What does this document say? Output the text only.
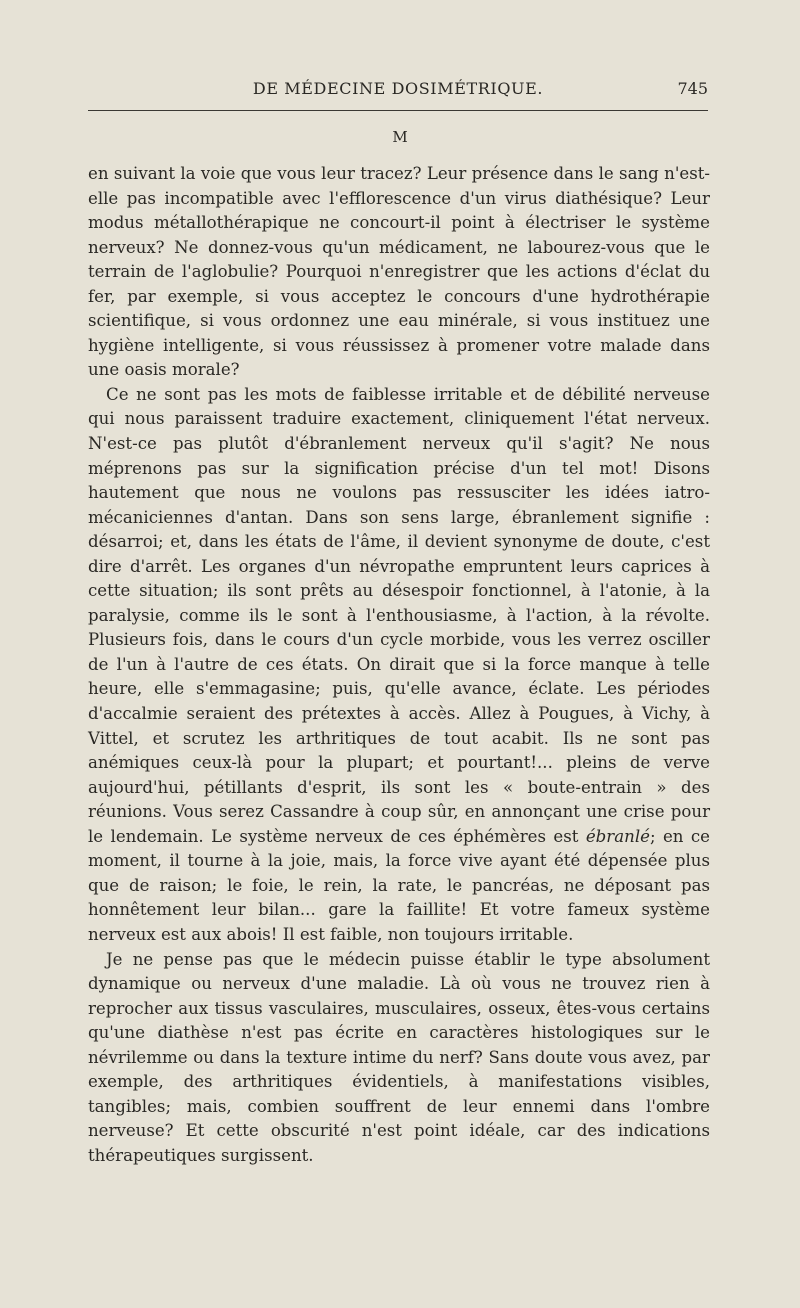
DE MÉDECINE DOSIMÉTRIQUE.	745
M

en suivant la voie que vous leur tracez? Leur présence dans le sang n'est-elle pas incompatible avec l'efflorescence d'un virus diathésique? Leur modus métallothérapique ne concourt-il point à électriser le système nerveux? Ne donnez-vous qu'un médicament, ne labourez-vous que le terrain de l'aglobulie? Pourquoi n'enregistrer que les actions d'éclat du fer, par exemple, si vous acceptez le concours d'une hydrothérapie scientifique, si vous ordonnez une eau minérale, si vous instituez une hygiène intelligente, si vous réussissez à promener votre malade dans une oasis morale?

Ce ne sont pas les mots de faiblesse irritable et de débilité nerveuse qui nous paraissent traduire exactement, cliniquement l'état nerveux. N'est-ce pas plutôt d'ébranlement nerveux qu'il s'agit? Ne nous méprenons pas sur la signification précise d'un tel mot! Disons hautement que nous ne voulons pas ressusciter les idées iatro-mécaniciennes d'antan. Dans son sens large, ébranlement signifie : désarroi; et, dans les états de l'âme, il devient synonyme de doute, c'est dire d'arrêt. Les organes d'un névropathe empruntent leurs caprices à cette situation; ils sont prêts au désespoir fonctionnel, à l'atonie, à la paralysie, comme ils le sont à l'enthousiasme, à l'action, à la révolte. Plusieurs fois, dans le cours d'un cycle morbide, vous les verrez osciller de l'un à l'autre de ces états. On dirait que si la force manque à telle heure, elle s'emmagasine; puis, qu'elle avance, éclate. Les périodes d'accalmie seraient des prétextes à accès. Allez à Pougues, à Vichy, à Vittel, et scrutez les arthritiques de tout acabit. Ils ne sont pas anémiques ceux-là pour la plupart; et pourtant!... pleins de verve aujourd'hui, pétillants d'esprit, ils sont les « boute-entrain » des réunions. Vous serez Cassandre à coup sûr, en annonçant une crise pour le lendemain. Le système nerveux de ces éphémères est ébranlé; en ce moment, il tourne à la joie, mais, la force vive ayant été dépensée plus que de raison; le foie, le rein, la rate, le pancréas, ne déposant pas honnêtement leur bilan... gare la faillite! Et votre fameux système nerveux est aux abois! Il est faible, non toujours irritable.

Je ne pense pas que le médecin puisse établir le type absolument dynamique ou nerveux d'une maladie. Là où vous ne trouvez rien à reprocher aux tissus vasculaires, musculaires, osseux, êtes-vous certains qu'une diathèse n'est pas écrite en caractères histologiques sur le névrilemme ou dans la texture intime du nerf? Sans doute vous avez, par exemple, des arthritiques évidentiels, à manifestations visibles, tangibles; mais, combien souffrent de leur ennemi dans l'ombre nerveuse? Et cette obscurité n'est point idéale, car des indications thérapeutiques surgissent.
